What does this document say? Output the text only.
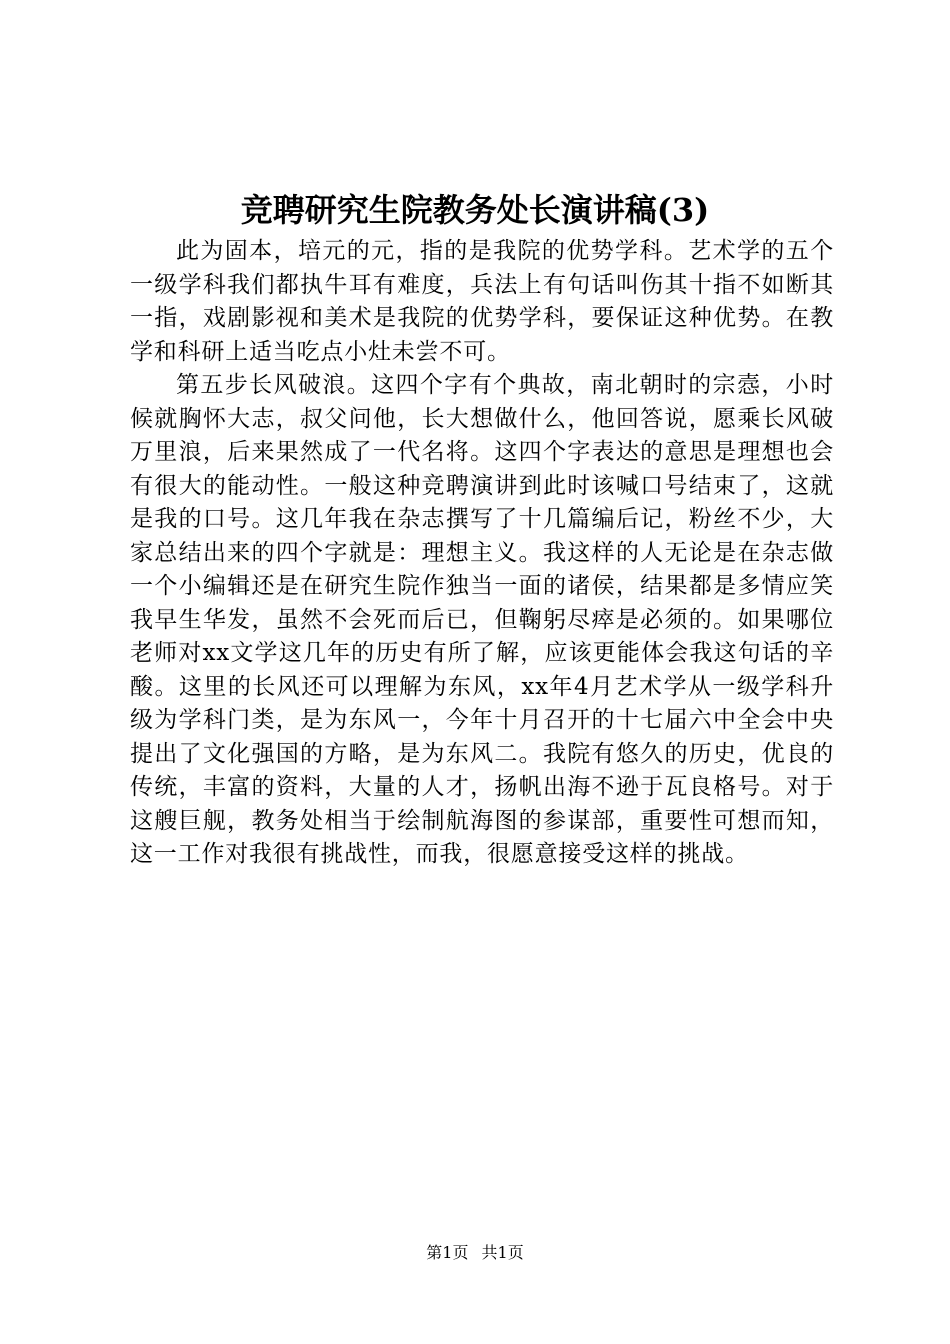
竞聘研究生院教务处长演讲稿(3)

此为固本，培元的元，指的是我院的优势学科。艺术学的五个一级学科我们都执牛耳有难度，兵法上有句话叫伤其十指不如断其一指，戏剧影视和美术是我院的优势学科，要保证这种优势。在教学和科研上适当吃点小灶未尝不可。

第五步长风破浪。这四个字有个典故，南北朝时的宗悫，小时候就胸怀大志，叔父问他，长大想做什么，他回答说，愿乘长风破万里浪，后来果然成了一代名将。这四个字表达的意思是理想也会有很大的能动性。一般这种竞聘演讲到此时该喊口号结束了，这就是我的口号。这几年我在杂志撰写了十几篇编后记，粉丝不少，大家总结出来的四个字就是：理想主义。我这样的人无论是在杂志做一个小编辑还是在研究生院作独当一面的诸侯，结果都是多情应笑我早生华发，虽然不会死而后已，但鞠躬尽瘁是必须的。如果哪位老师对xx文学这几年的历史有所了解，应该更能体会我这句话的辛酸。这里的长风还可以理解为东风，xx年4月艺术学从一级学科升级为学科门类，是为东风一，今年十月召开的十七届六中全会中央提出了文化强国的方略，是为东风二。我院有悠久的历史，优良的传统，丰富的资料，大量的人才，扬帆出海不逊于瓦良格号。对于这艘巨舰，教务处相当于绘制航海图的参谋部，重要性可想而知，这一工作对我很有挑战性，而我，很愿意接受这样的挑战。

第1页 共1页
